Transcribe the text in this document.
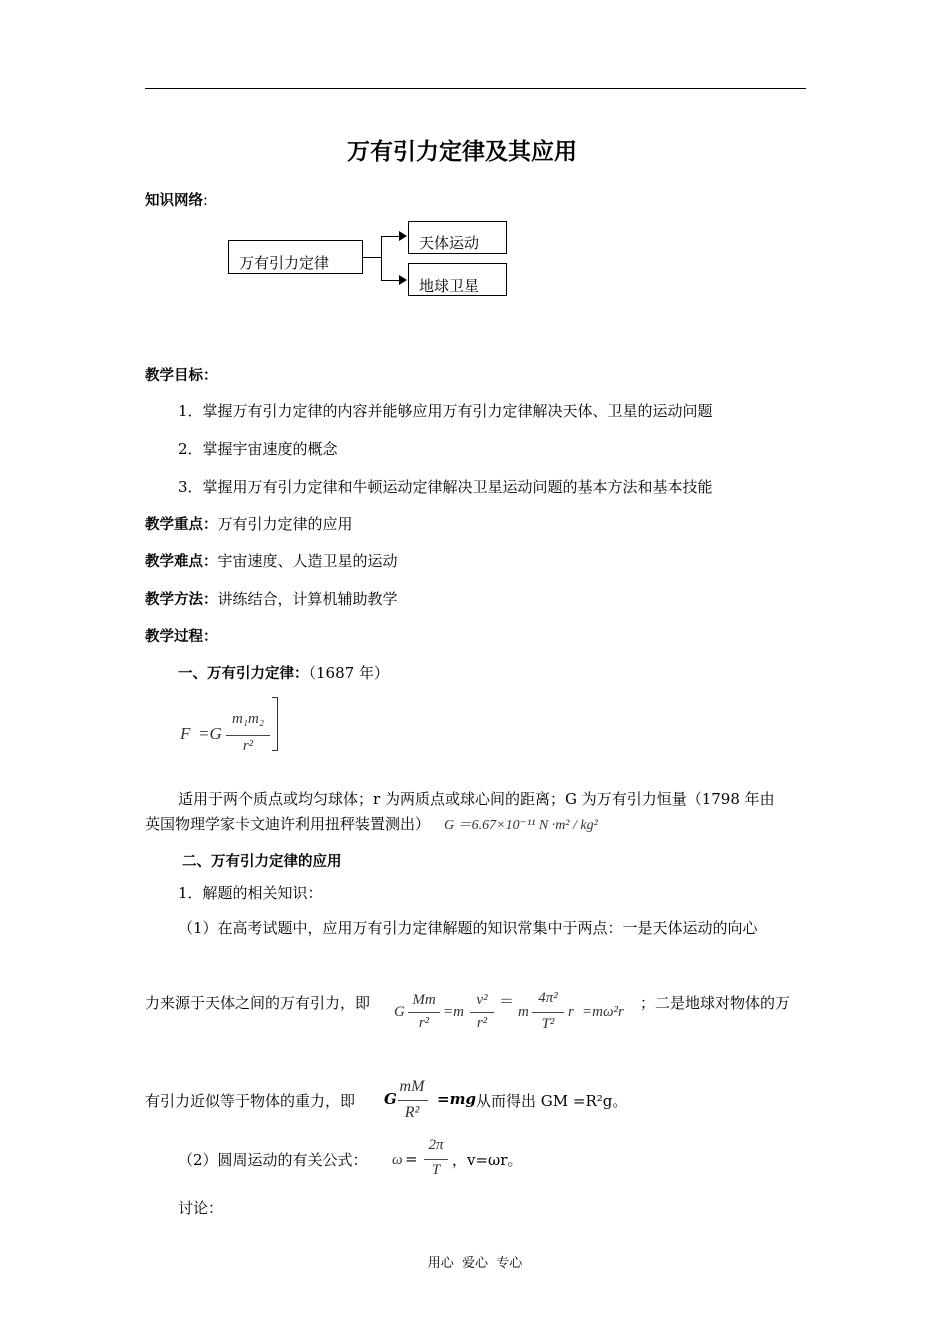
万有引力定律及其应用
知识网络:
万有引力定律
天体运动
地球卫星
教学目标：
1．掌握万有引力定律的内容并能够应用万有引力定律解决天体、卫星的运动问题
2．掌握宇宙速度的概念
3．掌握用万有引力定律和牛顿运动定律解决卫星运动问题的基本方法和基本技能
教学重点：万有引力定律的应用
教学难点：宇宙速度、人造卫星的运动
教学方法：讲练结合，计算机辅助教学
教学过程：
一、万有引力定律：（1687 年）
F =G
m₁m₂
r²
适用于两个质点或均匀球体；r 为两质点或球心间的距离；G 为万有引力恒量（1798 年由
英国物理学家卡文迪许利用扭秤装置测出） G ＝6.67×10⁻¹¹ N ·m² / kg²
二、万有引力定律的应用
1．解题的相关知识：
（1）在高考试题中，应用万有引力定律解题的知识常集中于两点：一是天体运动的向心
力来源于天体之间的万有引力，即 G
Mm
r²
=m
v²
r²
＝
m
4π²
T²
r =mω²r ；二是地球对物体的万
有引力近似等于物体的重力，即 G
mM
R²
=mg 从而得出 GM =R²g。
（2）圆周运动的有关公式： ω =
2π
T
，v=ωr。
讨论：
用心  爱心  专心
